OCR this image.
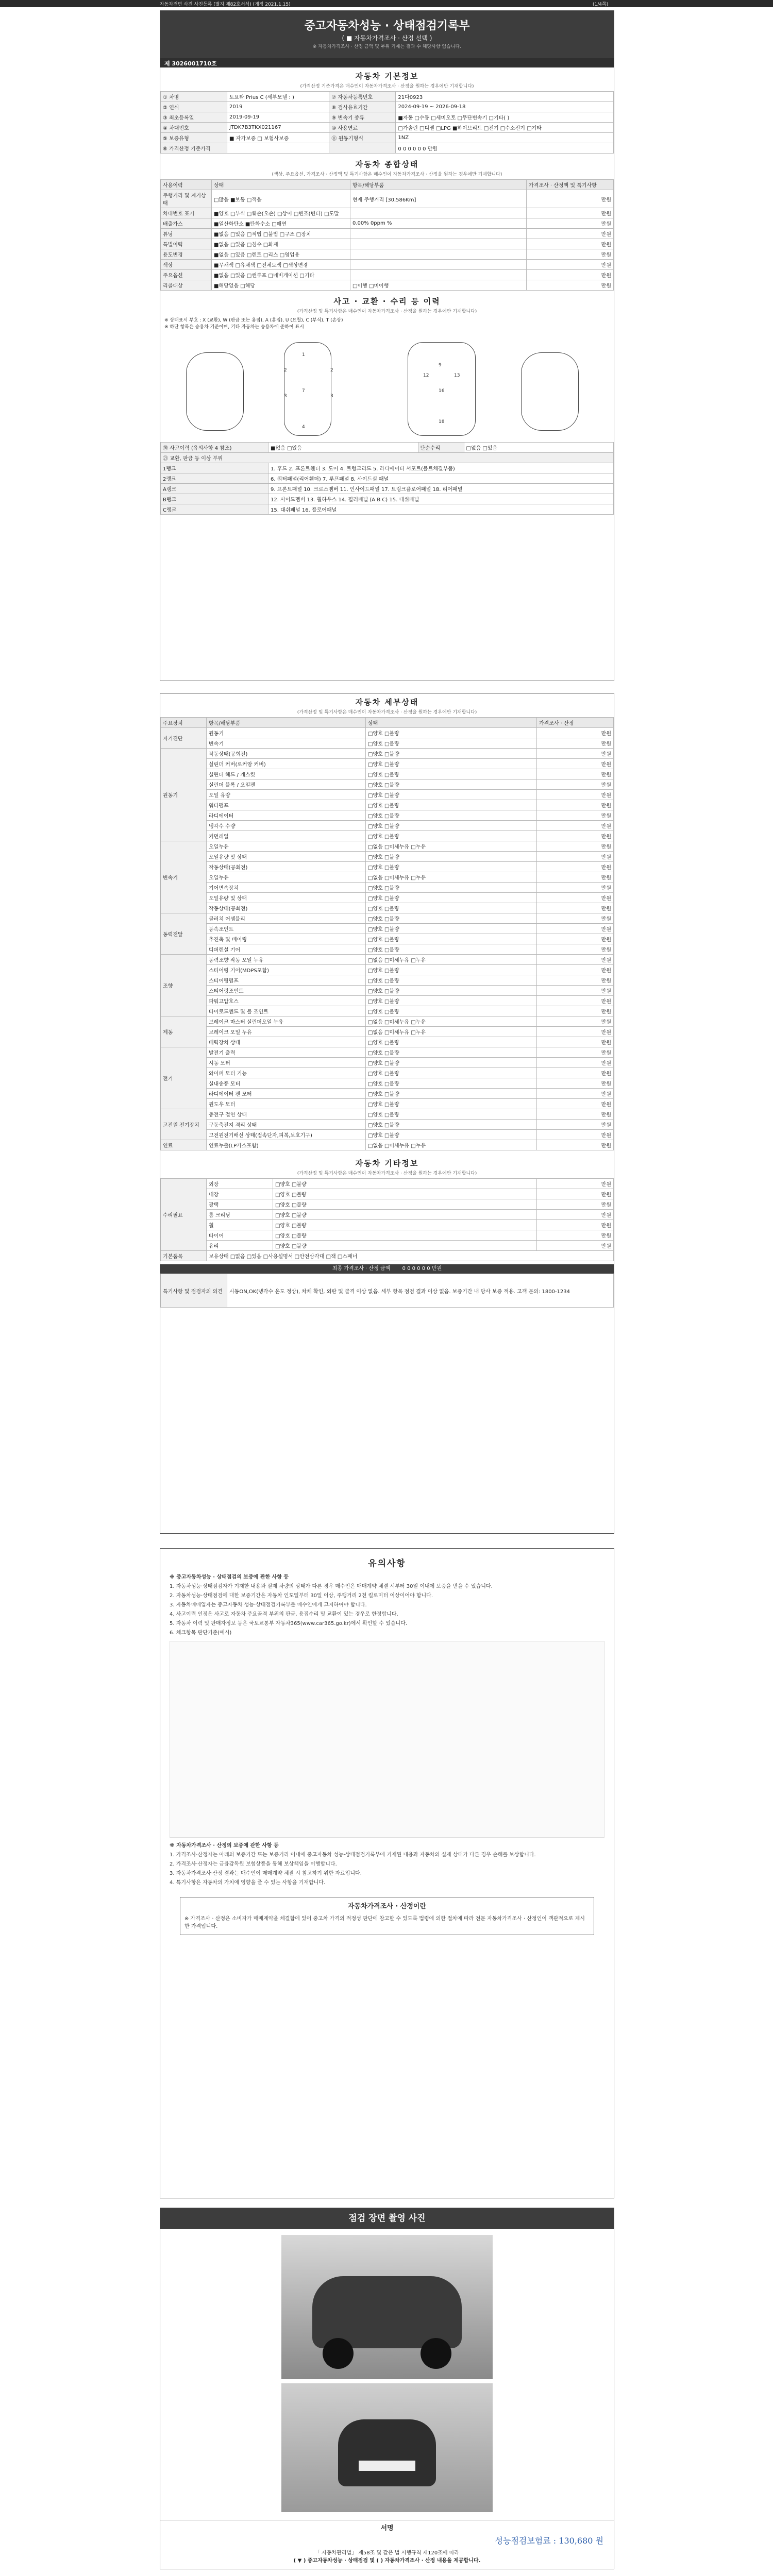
자동차전면 사진 사진등록 (별지 제82호서식) (개정 2021.1.15)	(1/4쪽)
중고자동차성능 · 상태점검기록부
( ■ 자동차가격조사 · 산정 선택 )
※ 자동차가격조사 · 산정 금액 및 부위 기재는 결과 수 해당사항 없습니다.
제 3026001710호
자동차 기본정보
(가격산정 기준가격은 매수인이 자동차가격조사 · 산정을 원하는 경우에만 기재합니다)
① 차명	토요타 Prius C (세부모델 : )	⑦ 자동차등록번호	21다0923
② 연식	2019	⑧ 검사유효기간	2024-09-19 ~ 2026-09-18
③ 최초등록일	2019-09-19	⑨ 변속기 종류	■자동 □수동 □세미오토 □무단변속기 □기타( )
④ 차대번호	JTDK7B3TKX021167	⑩ 사용연료	□가솔린 □디젤 □LPG ■하이브리드 □전기 □수소전기 □기타
⑤ 보증유형	■ 자가보증 □ 보험사보증	⑪ 원동기형식	1NZ
⑥ 가격산정 기준가격			0 0 0 0 0 0 만원
자동차 종합상태
(색상, 주요옵션, 가격조사 · 산정액 및 특기사항은 매수인이 자동차가격조사 · 산정을 원하는 경우에만 기재합니다)
사용이력	상태	항목/해당부품	가격조사 · 산정액 및 특기사항
주행거리 및 계기상태	□많음 ■보통 □적음	현재 주행거리 [30,586Km]	만원
차대번호 표기	■양호 □부식 □훼손(오손) □상이 □변조(변타) □도말		만원
배출가스	■일산화탄소 ■탄화수소 □매연	0.00% 0ppm %	만원
튜닝	■없음 □있음 □적법 □불법 □구조 □장치		만원
특별이력	■없음 □있음 □침수 □화재		만원
용도변경	■없음 □있음 □렌트 □리스 □영업용		만원
색상	■무채색 □유채색 □전체도색 □색상변경		만원
주요옵션	■없음 □있음 □썬루프 □네비게이션 □기타		만원
리콜대상	■해당없음 □해당	□이행 □미이행	만원
사고 · 교환 · 수리 등 이력
(가격산정 및 특기사항은 매수인이 자동차가격조사 · 산정을 원하는 경우에만 기재합니다)
※ 상태표시 부호 : X (교환), W (판금 또는 용접), A (흠집), U (요철), C (부식), T (손상)
※ 하단 항목은 승용차 기준이며, 기타 자동차는 승용차에 준하여 표시
1
2	2
7
3	3
4
9
16
12	13
18
⑳ 사고이력 (유의사항 4 참조)	■없음 □있음	단순수리	□없음 □있음
㉑ 교환, 판금 등 이상 부위			
1랭크	1. 후드 2. 프론트휀더 3. 도어 4. 트렁크리드 5. 라디에이터 서포트(볼트체결부품)		
2랭크	6. 쿼터패널(리어휀더) 7. 루프패널 8. 사이드실 패널		
A랭크	9. 프론트패널 10. 크로스멤버 11. 인사이드패널 17. 트렁크플로어패널 18. 리어패널		
B랭크	12. 사이드멤버 13. 휠하우스 14. 필러패널 (A B C) 15. 대쉬패널		
C랭크	15. 대쉬패널 16. 플로어패널		
자동차 세부상태
(가격산정 및 특기사항은 매수인이 자동차가격조사 · 산정을 원하는 경우에만 기재합니다)
주요장치	항목/해당부품	상태	가격조사 · 산정
자기진단	원동기	□양호 □불량	만원
	변속기	□양호 □불량	만원
원동기	작동상태(공회전)	□양호 □불량	만원
	실린더 커버(로커암 커버)	□양호 □불량	만원
	실린더 헤드 / 개스킷	□양호 □불량	만원
	실린더 블록 / 오일팬	□양호 □불량	만원
	오일 유량	□양호 □불량	만원
	워터펌프	□양호 □불량	만원
	라디에이터	□양호 □불량	만원
	냉각수 수량	□양호 □불량	만원
	커먼레일	□양호 □불량	만원
변속기	오일누유	□없음 □미세누유 □누유	만원
	오일유량 및 상태	□양호 □불량	만원
	작동상태(공회전)	□양호 □불량	만원
	오일누유	□없음 □미세누유 □누유	만원
	기어변속장치	□양호 □불량	만원
	오일유량 및 상태	□양호 □불량	만원
	작동상태(공회전)	□양호 □불량	만원
동력전달	클러치 어셈블리	□양호 □불량	만원
	등속조인트	□양호 □불량	만원
	추진축 및 베어링	□양호 □불량	만원
	디퍼렌셜 기어	□양호 □불량	만원
조향	동력조향 작동 오일 누유	□없음 □미세누유 □누유	만원
	스티어링 기어(MDPS포함)	□양호 □불량	만원
	스티어링펌프	□양호 □불량	만원
	스티어링조인트	□양호 □불량	만원
	파워고압호스	□양호 □불량	만원
	타이로드엔드 및 볼 조인트	□양호 □불량	만원
제동	브레이크 마스터 실린더오일 누유	□없음 □미세누유 □누유	만원
	브레이크 오일 누유	□없음 □미세누유 □누유	만원
	배력장치 상태	□양호 □불량	만원
전기	발전기 출력	□양호 □불량	만원
	시동 모터	□양호 □불량	만원
	와이퍼 모터 기능	□양호 □불량	만원
	실내송풍 모터	□양호 □불량	만원
	라디에이터 팬 모터	□양호 □불량	만원
	윈도우 모터	□양호 □불량	만원
고전원 전기장치	충전구 절연 상태	□양호 □불량	만원
	구동축전지 격리 상태	□양호 □불량	만원
	고전원전기배선 상태(접속단자,피복,보호기구)	□양호 □불량	만원
연료	연료누출(LP가스포함)	□없음 □미세누유 □누유	만원
자동차 기타정보
(가격산정 및 특기사항은 매수인이 자동차가격조사 · 산정을 원하는 경우에만 기재합니다)
수리필요	외장	□양호 □불량	만원
	내장	□양호 □불량	만원
	광택	□양호 □불량	만원
	룸 크리닝	□양호 □불량	만원
	휠	□양호 □불량	만원
	타이어	□양호 □불량	만원
	유리	□양호 □불량	만원
기본품목	보유상태 □없음 □있음 □사용설명서 □안전삼각대 □잭 □스패너		
최종 가격조사 · 산정 금액 0 0 0 0 0 0 만원
특기사항 및 점검자의 의견	시동ON,OK(냉각수 온도 정상), 차체 확인, 외판 및 골격 이상 없음. 세부 항목 점검 결과 이상 없음. 보증기간 내 당사 보증 적용. 고객 문의: 1800-1234
유의사항

※ 중고자동차성능 · 상태점검의 보증에 관한 사항 등

1. 자동차성능·상태점검자가 기재한 내용과 실제 차량의 상태가 다른 경우 매수인은 매매계약 체결 시부터 30일 이내에 보증을 받을 수 있습니다.

2. 자동차성능·상태점검에 대한 보증기간은 자동차 인도일부터 30일 이상, 주행거리 2천 킬로미터 이상이어야 합니다.

3. 자동차매매업자는 중고자동차 성능·상태점검기록부를 매수인에게 고지하여야 합니다.

4. 사고이력 인정은 사고로 자동차 주요골격 부위의 판금, 용접수리 및 교환이 있는 경우로 한정합니다.

5. 자동차 이력 및 판매자정보 등은 국토교통부 자동차365(www.car365.go.kr)에서 확인할 수 있습니다.

6. 체크항목 판단기준(예시)

※ 자동차가격조사 · 산정의 보증에 관한 사항 등

1. 가격조사·산정자는 아래의 보증기간 또는 보증거리 이내에 중고자동차 성능·상태점검기록부에 기재된 내용과 자동차의 실제 상태가 다른 경우 손해를 보상합니다.

2. 가격조사·산정자는 금융감독원 보험상품을 통해 보상책임을 이행합니다.

3. 자동차가격조사·산정 결과는 매수인이 매매계약 체결 시 참고하기 위한 자료입니다.

4. 특기사항은 자동차의 가치에 영향을 줄 수 있는 사항을 기재합니다.

자동차가격조사 · 산정이란
※ 가격조사 · 산정은 소비자가 매매계약을 체결함에 있어 중고차 가격의 적정성 판단에 참고할 수 있도록 법령에 의한 절차에 따라 전문 자동차가격조사 · 산정인이 객관적으로 제시한 가격입니다.
점검 장면 촬영 사진
서명
성능점검보험료 : 130,680 원
「 자동차관리법」 제58조 및 같은 법 시행규칙 제120조에 따라
( ▼ ) 중고자동차성능 · 상태점검 및 ( ) 자동차가격조사 · 산정 내용을 제공합니다.
